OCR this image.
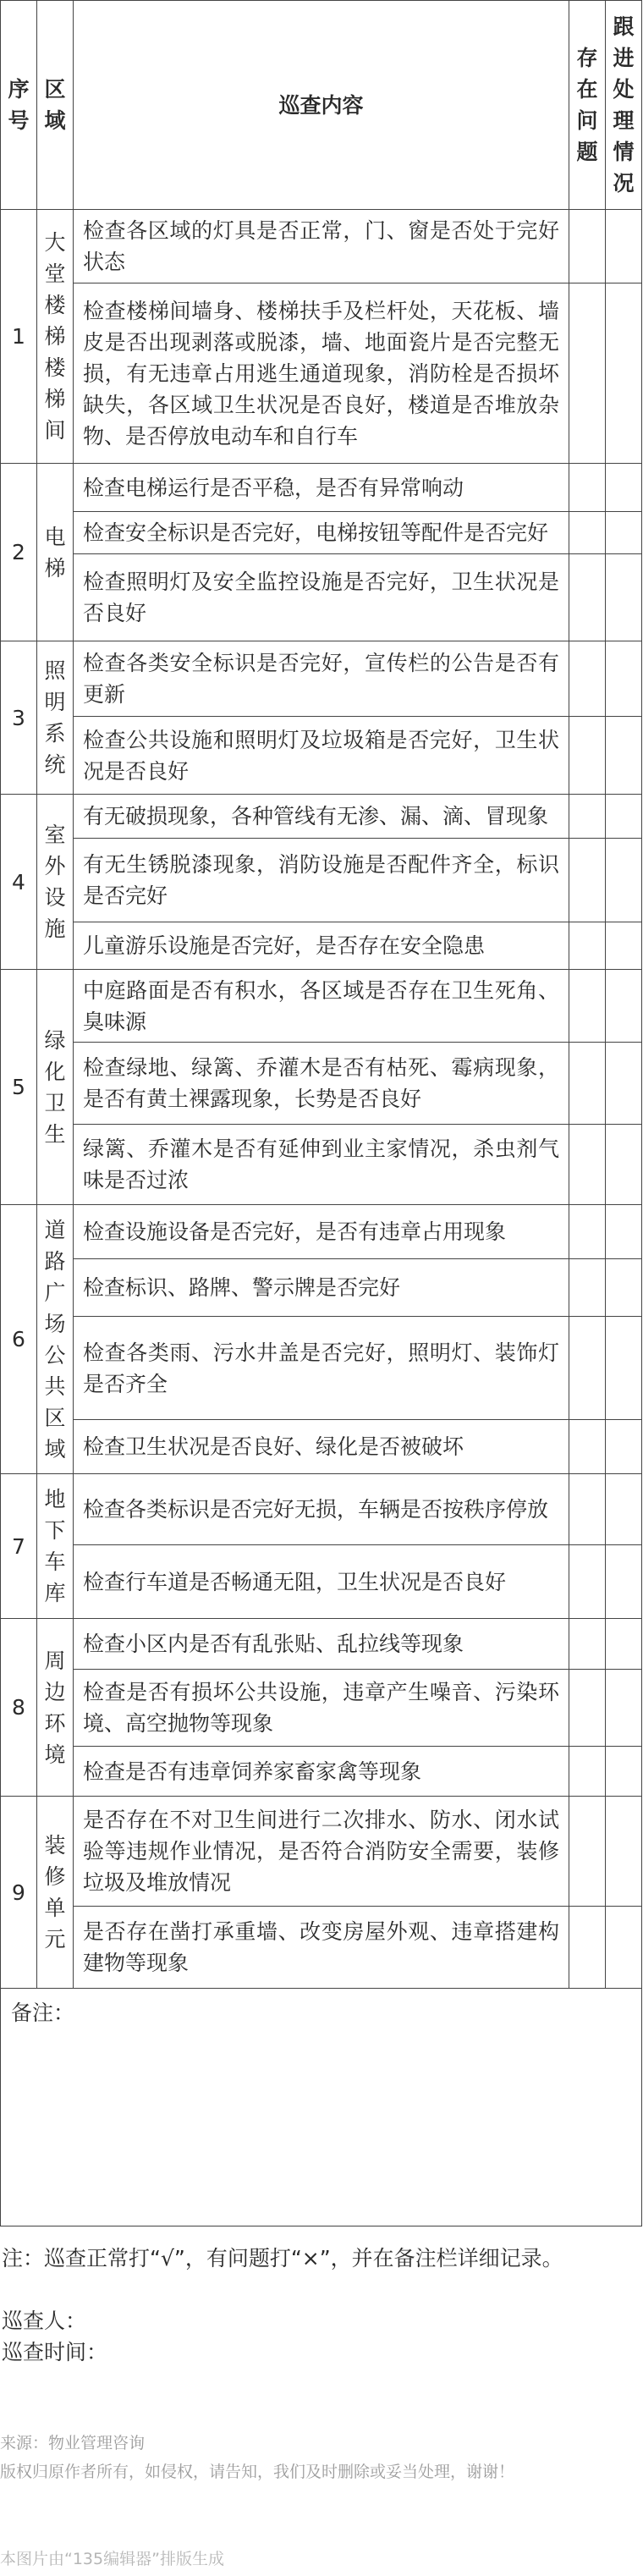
序号	区域	巡查内容	存在问题	跟进处理情况
1	大堂楼梯楼梯间	检查各区域的灯具是否正常，门、窗是否处于完好状态		
		检查楼梯间墙身、楼梯扶手及栏杆处，天花板、墙皮是否出现剥落或脱漆，墙、地面瓷片是否完整无损，有无违章占用逃生通道现象，消防栓是否损坏缺失，各区域卫生状况是否良好，楼道是否堆放杂物、是否停放电动车和自行车		
2	电梯	检查电梯运行是否平稳，是否有异常响动		
		检查安全标识是否完好，电梯按钮等配件是否完好		
		检查照明灯及安全监控设施是否完好，卫生状况是否良好		
3	照明系统	检查各类安全标识是否完好，宣传栏的公告是否有更新		
		检查公共设施和照明灯及垃圾箱是否完好，卫生状况是否良好		
4	室外设施	有无破损现象，各种管线有无渗、漏、滴、冒现象		
		有无生锈脱漆现象，消防设施是否配件齐全，标识是否完好		
		儿童游乐设施是否完好，是否存在安全隐患		
5	绿化卫生	中庭路面是否有积水，各区域是否存在卫生死角、臭味源		
		检查绿地、绿篱、乔灌木是否有枯死、霉病现象，是否有黄土裸露现象，长势是否良好		
		绿篱、乔灌木是否有延伸到业主家情况，杀虫剂气味是否过浓		
6	道路广场公共区域	检查设施设备是否完好，是否有违章占用现象		
		检查标识、路牌、警示牌是否完好		
		检查各类雨、污水井盖是否完好，照明灯、装饰灯是否齐全		
		检查卫生状况是否良好、绿化是否被破坏		
7	地下车库	检查各类标识是否完好无损，车辆是否按秩序停放		
		检查行车道是否畅通无阻，卫生状况是否良好		
8	周边环境	检查小区内是否有乱张贴、乱拉线等现象		
		检查是否有损坏公共设施，违章产生噪音、污染环境、高空抛物等现象		
		检查是否有违章饲养家畜家禽等现象		
9	装修单元	是否存在不对卫生间进行二次排水、防水、闭水试验等违规作业情况，是否符合消防安全需要，装修垃圾及堆放情况		
		是否存在凿打承重墙、改变房屋外观、违章搭建构建物等现象		
备注：				
注：巡查正常打“√”，有问题打“×”，并在备注栏详细记录。
巡查人：
巡查时间：
来源：物业管理咨询
版权归原作者所有，如侵权，请告知，我们及时删除或妥当处理，谢谢！
本图片由“135编辑器”排版生成
